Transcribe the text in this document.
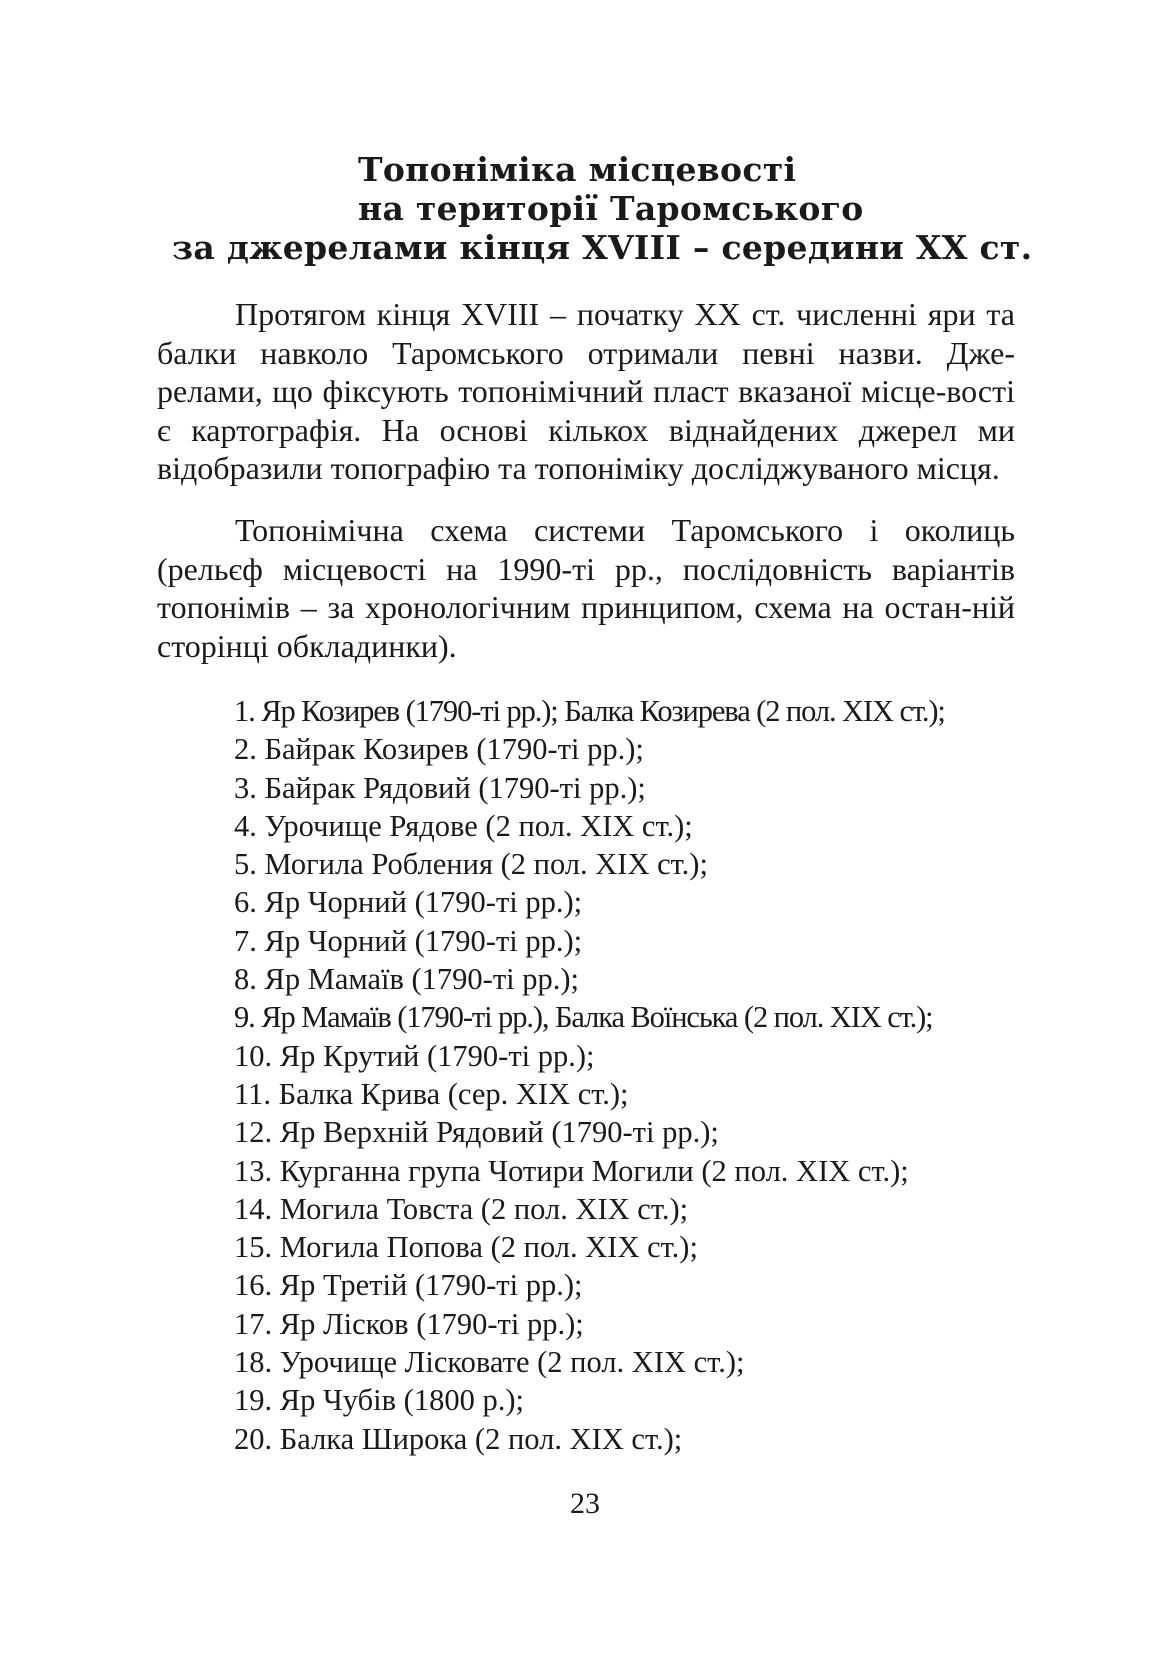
Топоніміка місцевості
на території Таромського
за джерелами кінця XVIII – середини XX ст.
Протягом кінця XVIII – початку XX ст. численні яри та балки навколо Таромського отримали певні назви. Дже-релами, що фіксують топонімічний пласт вказаної місце-вості є картографія. На основі кількох віднайдених джерел ми відобразили топографію та топоніміку досліджуваного місця.
Топонімічна схема системи Таромського і околиць (рельєф місцевості на 1990-ті рр., послідовність варіантів топонімів – за хронологічним принципом, схема на остан-ній сторінці обкладинки).
1. Яр Козирев (1790-ті рр.); Балка Козирева (2 пол. XIX ст.);
2. Байрак Козирев (1790-ті рр.);
3. Байрак Рядовий (1790-ті рр.);
4. Урочище Рядове (2 пол. XIX ст.);
5. Могила Робления (2 пол. XIX ст.);
6. Яр Чорний (1790-ті рр.);
7. Яр Чорний (1790-ті рр.);
8. Яр Мамаїв (1790-ті рр.);
9. Яр Мамаїв (1790-ті рр.), Балка Воїнська (2 пол. XIX ст.);
10. Яр Крутий (1790-ті рр.);
11. Балка Крива (сер. XIX ст.);
12. Яр Верхній Рядовий (1790-ті рр.);
13. Курганна група Чотири Могили (2 пол. XIX ст.);
14. Могила Товста (2 пол. XIX ст.);
15. Могила Попова (2 пол. XIX ст.);
16. Яр Третій (1790-ті рр.);
17. Яр Лісков (1790-ті рр.);
18. Урочище Лісковате (2 пол. XIX ст.);
19. Яр Чубів (1800 р.);
20. Балка Широка (2 пол. XIX ст.);
23
